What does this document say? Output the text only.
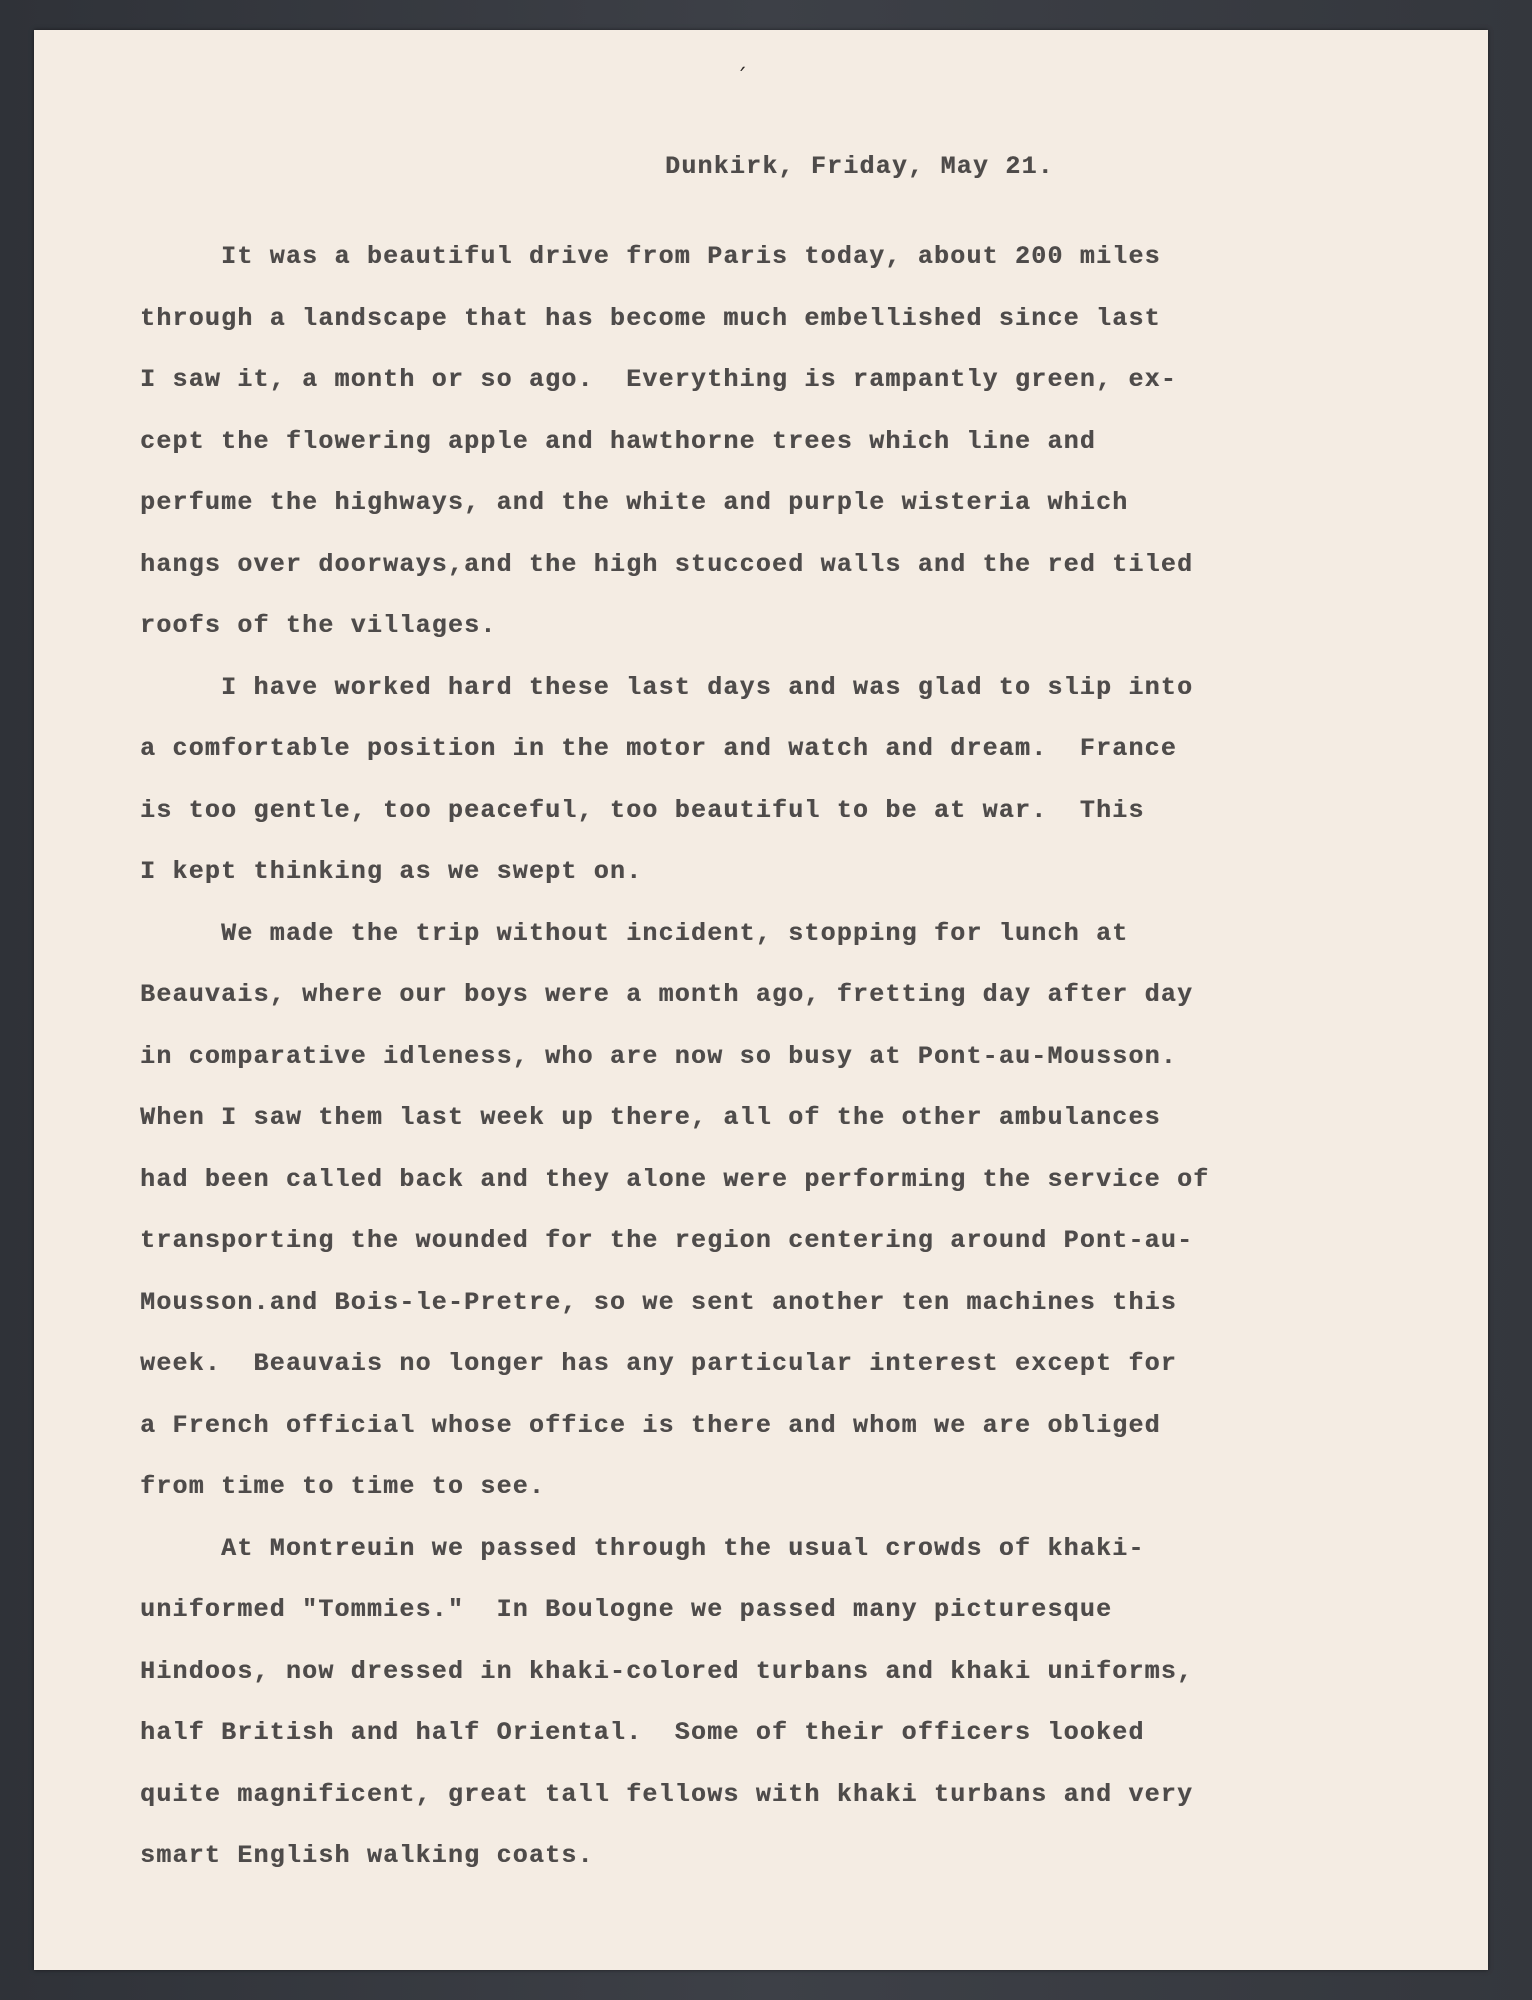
ˊ
Dunkirk, Friday, May 21.
It was a beautiful drive from Paris today, about 200 miles
through a landscape that has become much embellished since last
I saw it, a month or so ago.  Everything is rampantly green, ex-
cept the flowering apple and hawthorne trees which line and
perfume the highways, and the white and purple wisteria which
hangs over doorways,and the high stuccoed walls and the red tiled
roofs of the villages.
I have worked hard these last days and was glad to slip into
a comfortable position in the motor and watch and dream.  France
is too gentle, too peaceful, too beautiful to be at war.  This
I kept thinking as we swept on.
We made the trip without incident, stopping for lunch at
Beauvais, where our boys were a month ago, fretting day after day
in comparative idleness, who are now so busy at Pont-au-Mousson.
When I saw them last week up there, all of the other ambulances
had been called back and they alone were performing the service of
transporting the wounded for the region centering around Pont-au-
Mousson.and Bois-le-Pretre, so we sent another ten machines this
week.  Beauvais no longer has any particular interest except for
a French official whose office is there and whom we are obliged
from time to time to see.
At Montreuin we passed through the usual crowds of khaki-
uniformed "Tommies."  In Boulogne we passed many picturesque
Hindoos, now dressed in khaki-colored turbans and khaki uniforms,
half British and half Oriental.  Some of their officers looked
quite magnificent, great tall fellows with khaki turbans and very
smart English walking coats.
